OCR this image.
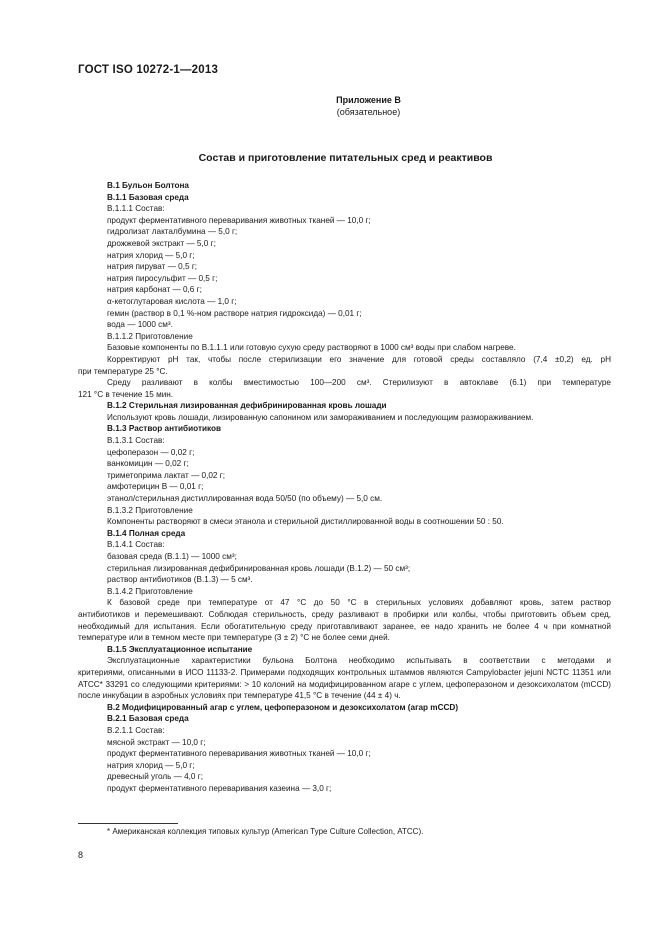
ГОСТ ISO 10272-1—2013
Приложение В
(обязательное)
Состав и приготовление питательных сред и реактивов
В.1 Бульон Болтона
В.1.1 Базовая среда
В.1.1.1 Состав:
продукт ферментативного переваривания животных тканей — 10,0 г;
гидролизат лакталбумина — 5,0 г;
дрожжевой экстракт — 5,0 г;
натрия хлорид — 5,0 г;
натрия пируват — 0,5 г;
натрия пиросульфит — 0,5 г;
натрия карбонат — 0,6 г;
α-кетоглутаровая кислота — 1,0 г;
гемин (раствор в 0,1 %-ном растворе натрия гидроксида) — 0,01 г;
вода — 1000 см³.
В.1.1.2 Приготовление
Базовые компоненты по В.1.1.1 или готовую сухую среду растворяют в 1000 см³ воды при слабом нагреве.
Корректируют pH так, чтобы после стерилизации его значение для готовой среды составляло (7,4 ±0,2) ед. pH
при температуре 25 °С.
Среду разливают в колбы вместимостью 100—200 см³. Стерилизуют в автоклаве (6.1) при температуре
121 °С в течение 15 мин.
В.1.2 Стерильная лизированная дефибринированная кровь лошади
Используют кровь лошади, лизированную сапонином или замораживанием и последующим размораживанием.
В.1.3 Раствор антибиотиков
В.1.3.1 Состав:
цефоперазон — 0,02 г;
ванкомицин — 0,02 г;
триметоприма лактат — 0,02 г;
амфотерицин В — 0,01 г;
этанол/стерильная дистиллированная вода 50/50 (по объему) — 5,0 см.
В.1.3.2 Приготовление
Компоненты растворяют в смеси этанола и стерильной дистиллированной воды в соотношении 50 : 50.
В.1.4 Полная среда
В.1.4.1 Состав:
базовая среда (В.1.1) — 1000 см³;
стерильная лизированная дефибринированная кровь лошади (В.1.2) — 50 см³;
раствор антибиотиков (В.1.3) — 5 см³.
В.1.4.2 Приготовление
К базовой среде при температуре от 47 °С до 50 °С в стерильных условиях добавляют кровь, затем раствор
антибиотиков и перемешивают. Соблюдая стерильность, среду разливают в пробирки или колбы, чтобы приготовить объем сред, необходимый для испытания. Если обогатительную среду приготавливают заранее, ее надо хранить не более 4 ч при комнатной температуре или в темном месте при температуре (3 ± 2) °С не более семи дней.
В.1.5 Эксплуатационное испытание
Эксплуатационные характеристики бульона Болтона необходимо испытывать в соответствии с методами и
критериями, описанными в ИСО 11133-2. Примерами подходящих контрольных штаммов являются Campylobacter jejuni NCTC 11351 или АТСС* 33291 со следующими критериями: > 10 колоний на модифицированном агаре с углем, цефоперазоном и дезоксихолатом (mCCD) после инкубации в аэробных условиях при температуре 41,5 °С в течение (44 ± 4) ч.
В.2 Модифицированный агар с углем, цефоперазоном и дезоксихолатом (агар mCCD)
В.2.1 Базовая среда
В.2.1.1 Состав:
мясной экстракт — 10,0 г;
продукт ферментативного переваривания животных тканей — 10,0 г;
натрия хлорид — 5,0 г;
древесный уголь — 4,0 г;
продукт ферментативного переваривания казеина — 3,0 г;
* Американская коллекция типовых культур (American Type Culture Collection, АТСС).
8
